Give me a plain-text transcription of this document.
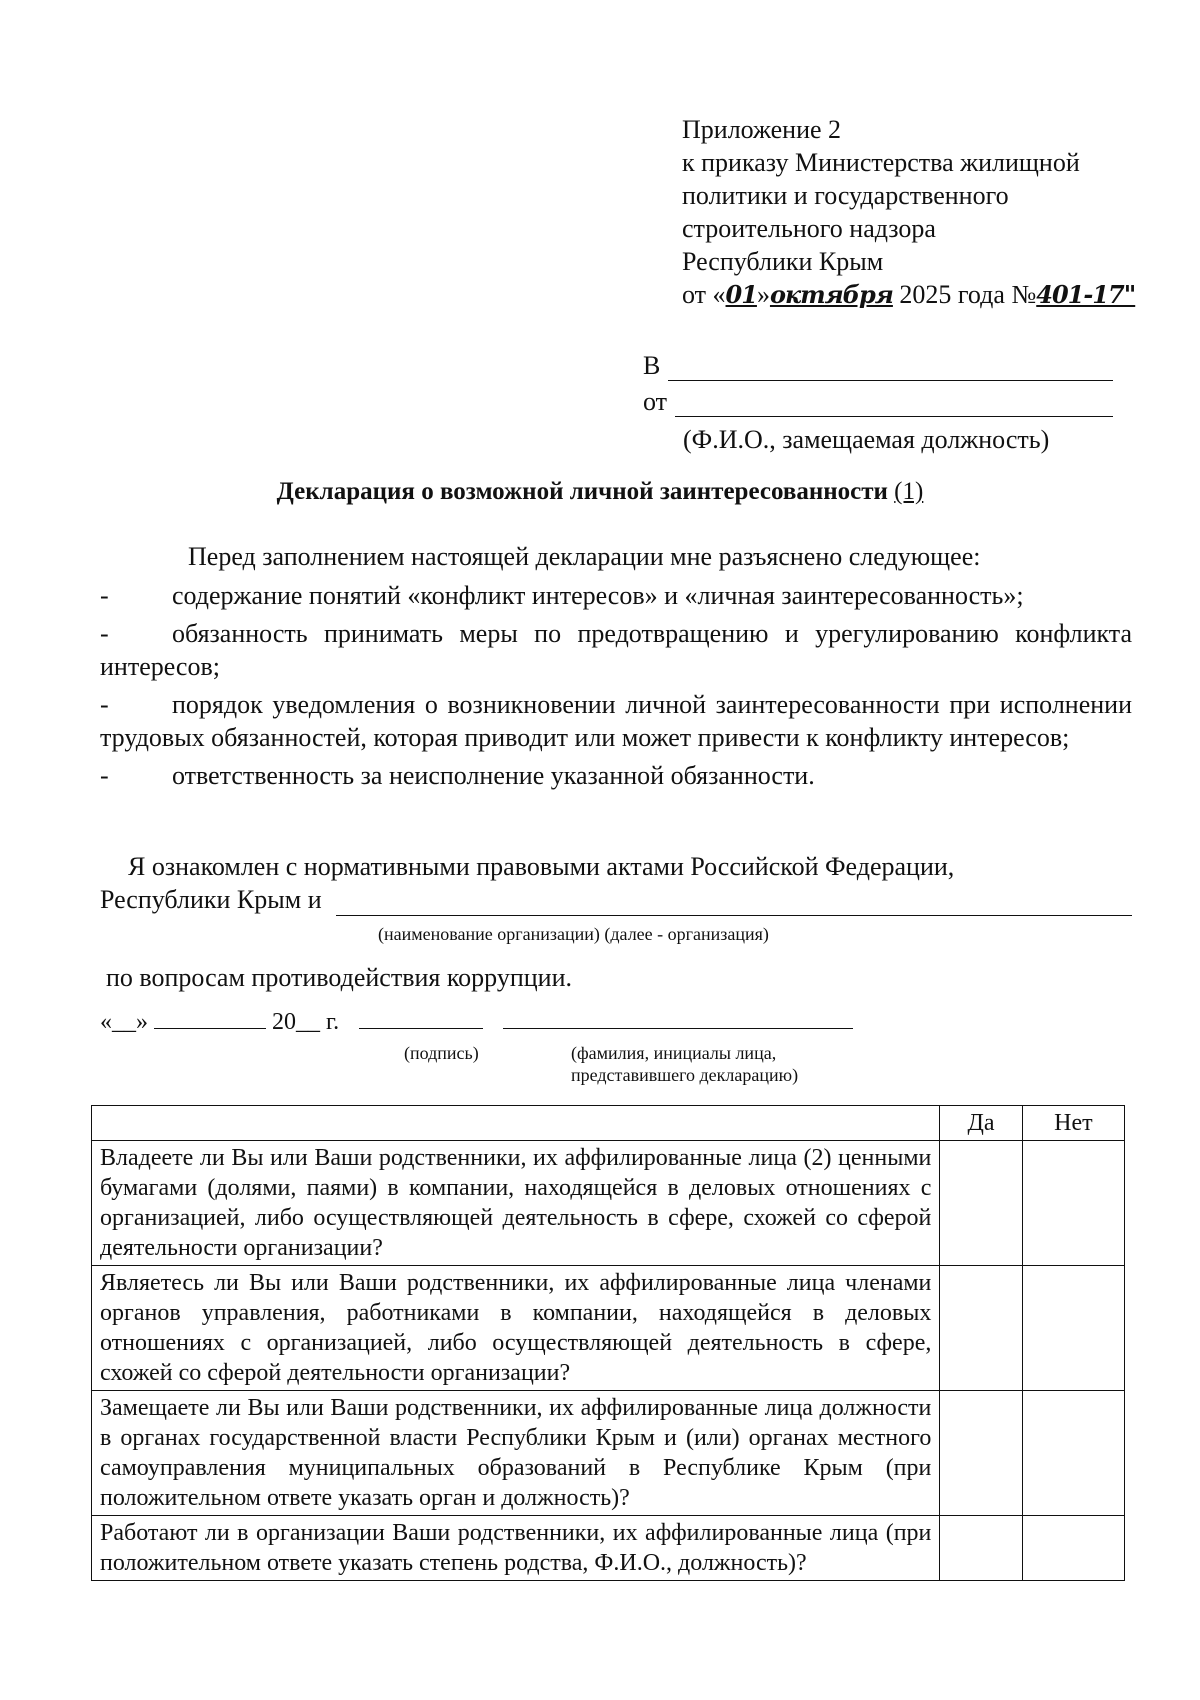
Приложение 2
к приказу Министерства жилищной
политики и государственного
строительного надзора
Республики Крым
от «01»октября 2025 года №401-17"
В
от
(Ф.И.О., замещаемая должность)
Декларация о возможной личной заинтересованности (1)

Перед заполнением настоящей декларации мне разъяснено следующее:

- содержание понятий «конфликт интересов» и «личная заинтересованность»;

- обязанность принимать меры по предотвращению и урегулированию конфликта интересов;

- порядок уведомления о возникновении личной заинтересованности при исполнении трудовых обязанностей, которая приводит или может привести к конфликту интересов;

- ответственность за неисполнение указанной обязанности.

Я ознакомлен с нормативными правовыми актами Российской Федерации,

Республики Крым и
(наименование организации) (далее - организация)
по вопросам противодействия коррупции.
«__»	20__ г.
(подпись)	(фамилия, инициалы лица,
представившего декларацию)
	Да	Нет
Владеете ли Вы или Ваши родственники, их аффилированные лица (2) ценными бумагами (долями, паями) в компании, находящейся в деловых отношениях с организацией, либо осуществляющей деятельность в сфере, схожей со сферой деятельности организации?		
Являетесь ли Вы или Ваши родственники, их аффилированные лица членами органов управления, работниками в компании, находящейся в деловых отношениях с организацией, либо осуществляющей деятельность в сфере, схожей со сферой деятельности организации?		
Замещаете ли Вы или Ваши родственники, их аффилированные лица должности в органах государственной власти Республики Крым и (или) органах местного самоуправления муниципальных образований в Республике Крым (при положительном ответе указать орган и должность)?		
Работают ли в организации Ваши родственники, их аффилированные лица (при положительном ответе указать степень родства, Ф.И.О., должность)?		
